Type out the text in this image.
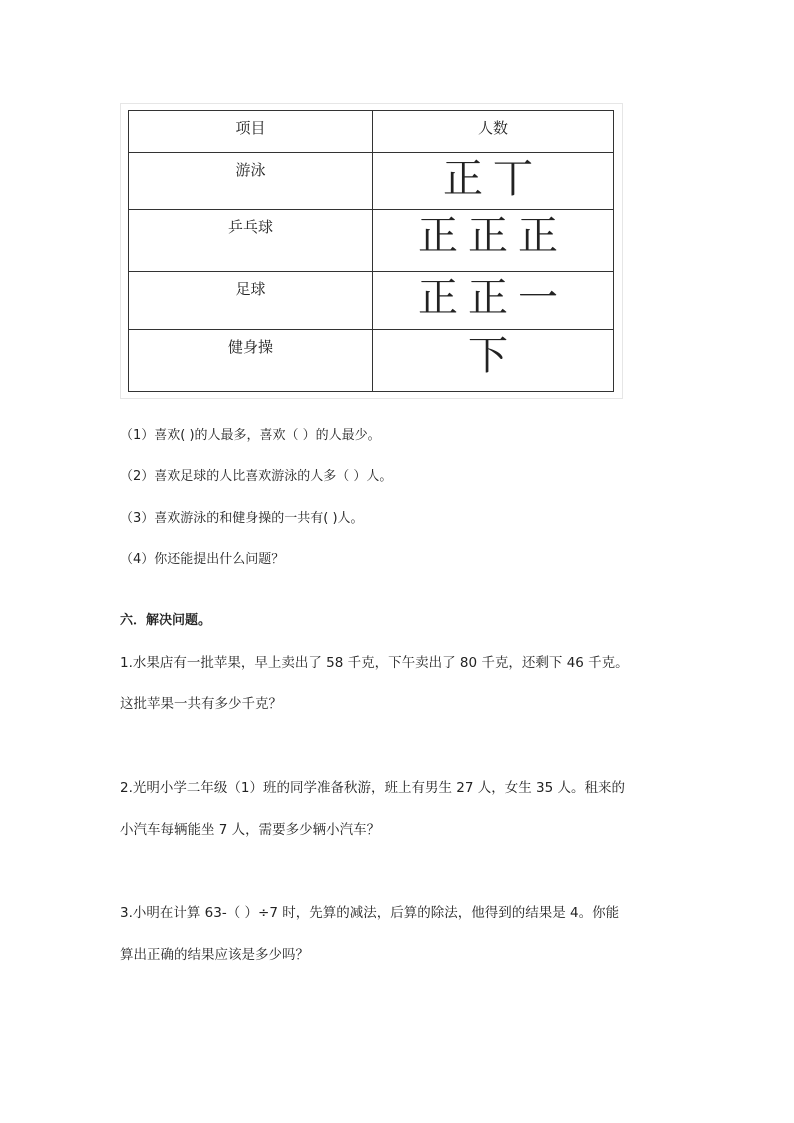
项目	人数

游泳	正丅

乒乓球	正正正

足球	正正一

健身操	下
（1）喜欢( )的人最多，喜欢（ ）的人最少。
（2）喜欢足球的人比喜欢游泳的人多（ ）人。
（3）喜欢游泳的和健身操的一共有( )人。
（4）你还能提出什么问题？
六．解决问题。
1.水果店有一批苹果，早上卖出了 58 千克，下午卖出了 80 千克，还剩下 46 千克。
这批苹果一共有多少千克？
2.光明小学二年级（1）班的同学准备秋游，班上有男生 27 人，女生 35 人。租来的
小汽车每辆能坐 7 人，需要多少辆小汽车？
3.小明在计算 63-（ ）÷7 时，先算的减法，后算的除法，他得到的结果是 4。你能
算出正确的结果应该是多少吗？
